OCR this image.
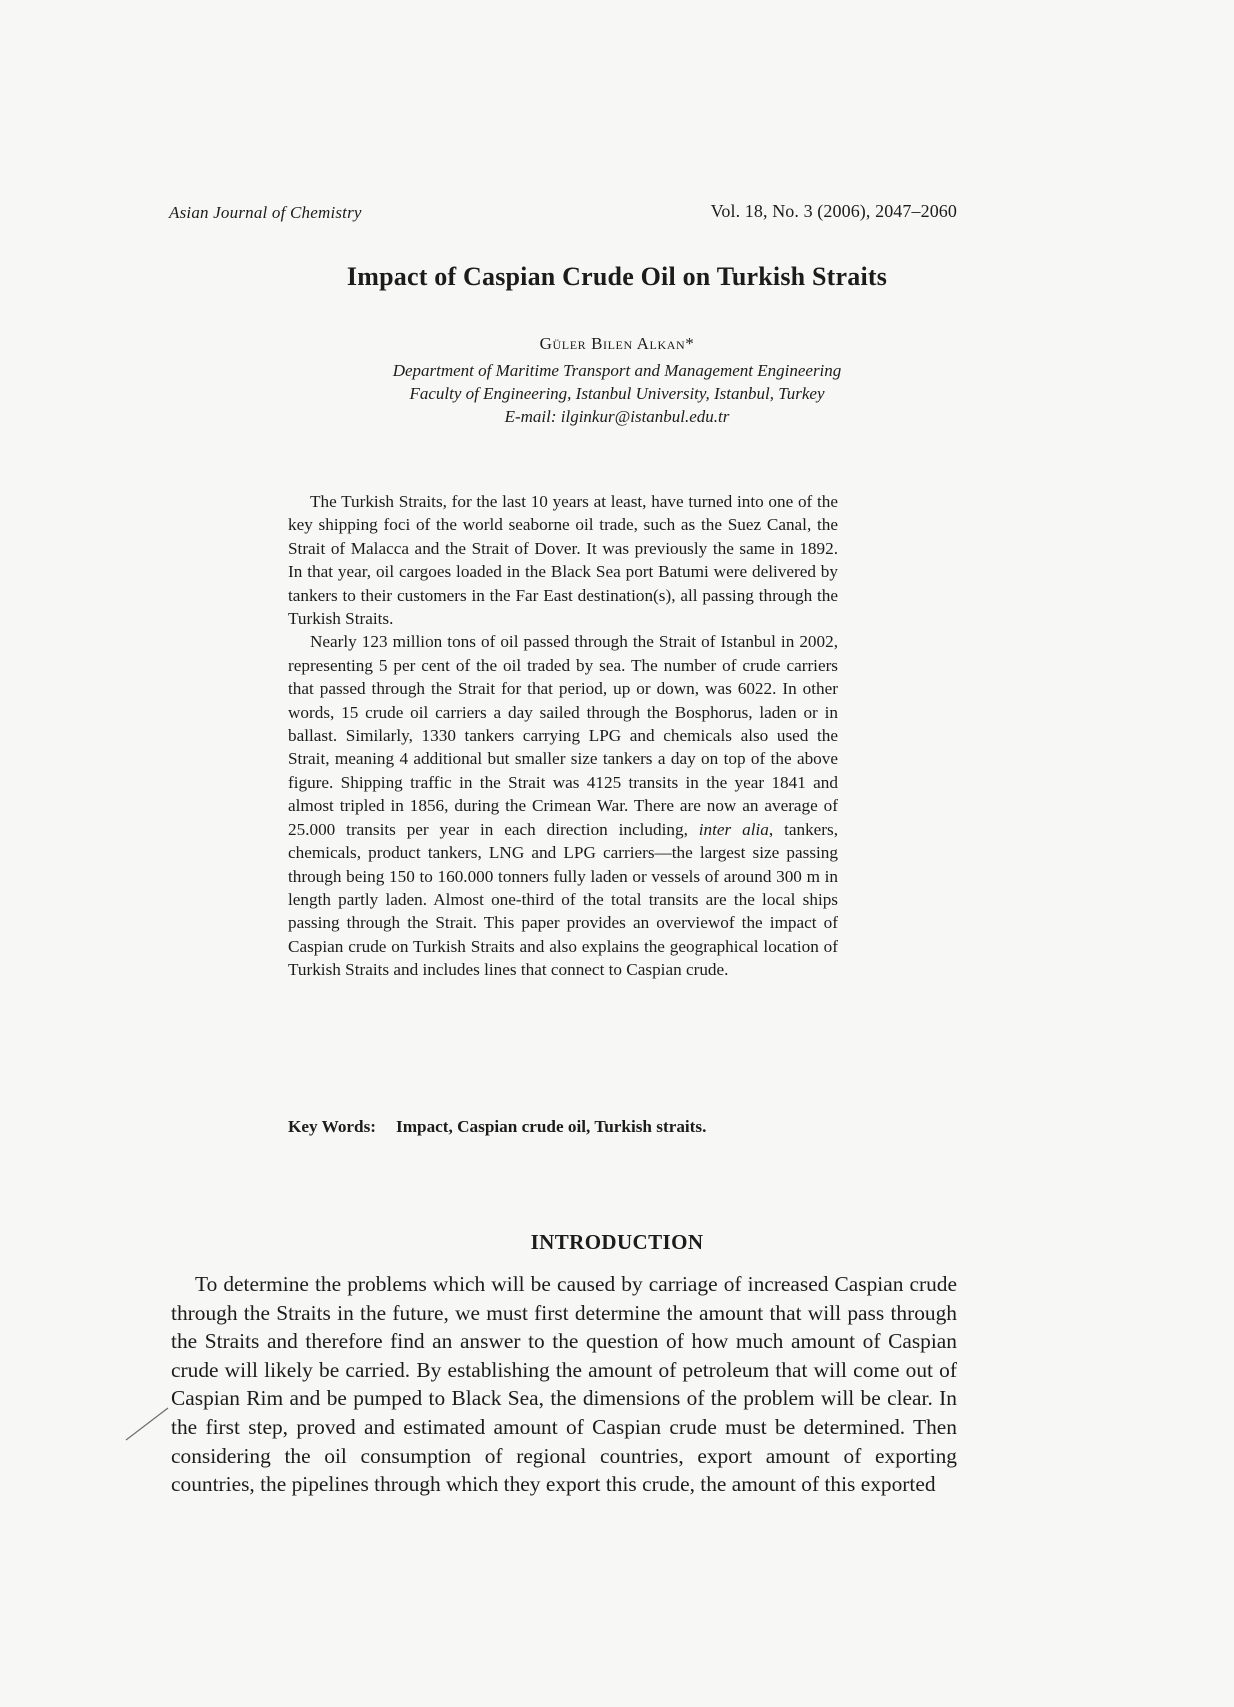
Asian Journal of Chemistry	Vol. 18, No. 3 (2006), 2047–2060
Impact of Caspian Crude Oil on Turkish Straits
Güler Bilen Alkan*
Department of Maritime Transport and Management Engineering
Faculty of Engineering, Istanbul University, Istanbul, Turkey
E-mail: ilginkur@istanbul.edu.tr

The Turkish Straits, for the last 10 years at least, have turned into one of the key shipping foci of the world seaborne oil trade, such as the Suez Canal, the Strait of Malacca and the Strait of Dover. It was previously the same in 1892. In that year, oil cargoes loaded in the Black Sea port Batumi were delivered by tankers to their customers in the Far East destination(s), all passing through the Turkish Straits.

Nearly 123 million tons of oil passed through the Strait of Istanbul in 2002, representing 5 per cent of the oil traded by sea. The number of crude carriers that passed through the Strait for that period, up or down, was 6022. In other words, 15 crude oil carriers a day sailed through the Bosphorus, laden or in ballast. Similarly, 1330 tankers carrying LPG and chemicals also used the Strait, meaning 4 additional but smaller size tankers a day on top of the above figure. Shipping traffic in the Strait was 4125 transits in the year 1841 and almost tripled in 1856, during the Crimean War. There are now an average of 25.000 transits per year in each direction including, inter alia, tankers, chemicals, product tankers, LNG and LPG carriers—the largest size passing through being 150 to 160.000 tonners fully laden or vessels of around 300 m in length partly laden. Almost one-third of the total transits are the local ships passing through the Strait. This paper provides an overviewof the impact of Caspian crude on Turkish Straits and also explains the geographical location of Turkish Straits and includes lines that connect to Caspian crude.

Key Words: Impact, Caspian crude oil, Turkish straits.
INTRODUCTION

To determine the problems which will be caused by carriage of increased Caspian crude through the Straits in the future, we must first determine the amount that will pass through the Straits and therefore find an answer to the question of how much amount of Caspian crude will likely be carried. By establishing the amount of petroleum that will come out of Caspian Rim and be pumped to Black Sea, the dimensions of the problem will be clear. In the first step, proved and estimated amount of Caspian crude must be determined. Then considering the oil consumption of regional countries, export amount of exporting countries, the pipelines through which they export this crude, the amount of this exported
